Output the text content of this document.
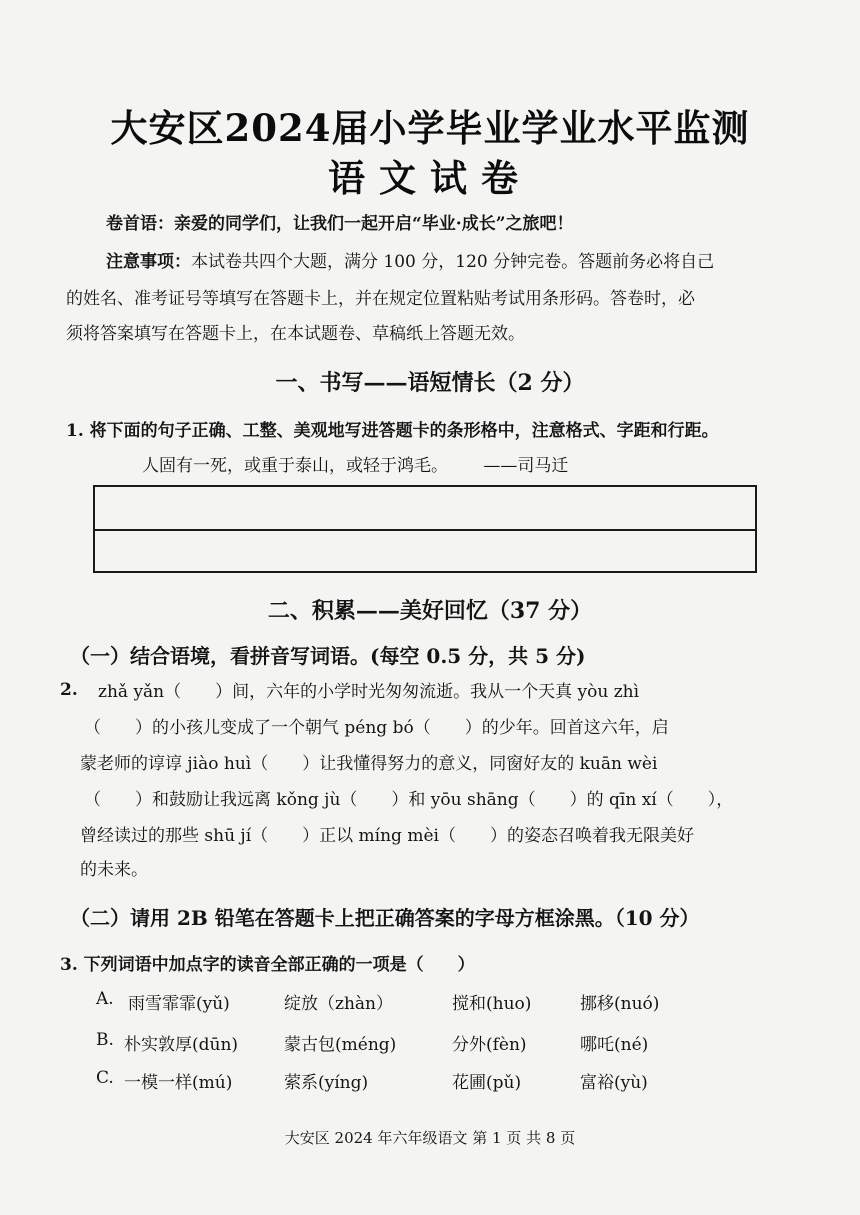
大安区2024届小学毕业学业水平监测
语文试卷
卷首语：亲爱的同学们，让我们一起开启“毕业·成长”之旅吧！
注意事项：本试卷共四个大题，满分 100 分，120 分钟完卷。答题前务必将自己
的姓名、准考证号等填写在答题卡上，并在规定位置粘贴考试用条形码。答卷时，必
须将答案填写在答题卡上，在本试题卷、草稿纸上答题无效。
一、书写——语短情长（2 分）
1. 将下面的句子正确、工整、美观地写进答题卡的条形格中，注意格式、字距和行距。
人固有一死，或重于泰山，或轻于鸿毛。 ——司马迁
二、积累——美好回忆（37 分）
（一）结合语境，看拼音写词语。(每空 0.5 分，共 5 分)
2. zhǎ yǎn（　　）间，六年的小学时光匆匆流逝。我从一个天真 yòu zhì
（　　）的小孩儿变成了一个朝气 péng bó（　　）的少年。回首这六年，启
蒙老师的谆谆 jiào huì（　　）让我懂得努力的意义，同窗好友的 kuān wèi
（　　）和鼓励让我远离 kǒng jù（　　）和 yōu shāng（　　）的 qīn xí（　　），
曾经读过的那些 shū jí（　　）正以 míng mèi（　　）的姿态召唤着我无限美好
的未来。
（二）请用 2B 铅笔在答题卡上把正确答案的字母方框涂黑。（10 分）
3. 下列词语中加点字的读音全部正确的一项是（　　）
A. 雨雪霏霏(yǔ)	绽放（zhàn）	搅和(huo)	挪移(nuó)
B. 朴实敦厚(dūn)	蒙古包(méng)	分外(fèn)	哪吒(né)
C. 一模一样(mú)	萦系(yíng)	花圃(pǔ)	富裕(yù)
大安区 2024 年六年级语文 第 1 页 共 8 页
